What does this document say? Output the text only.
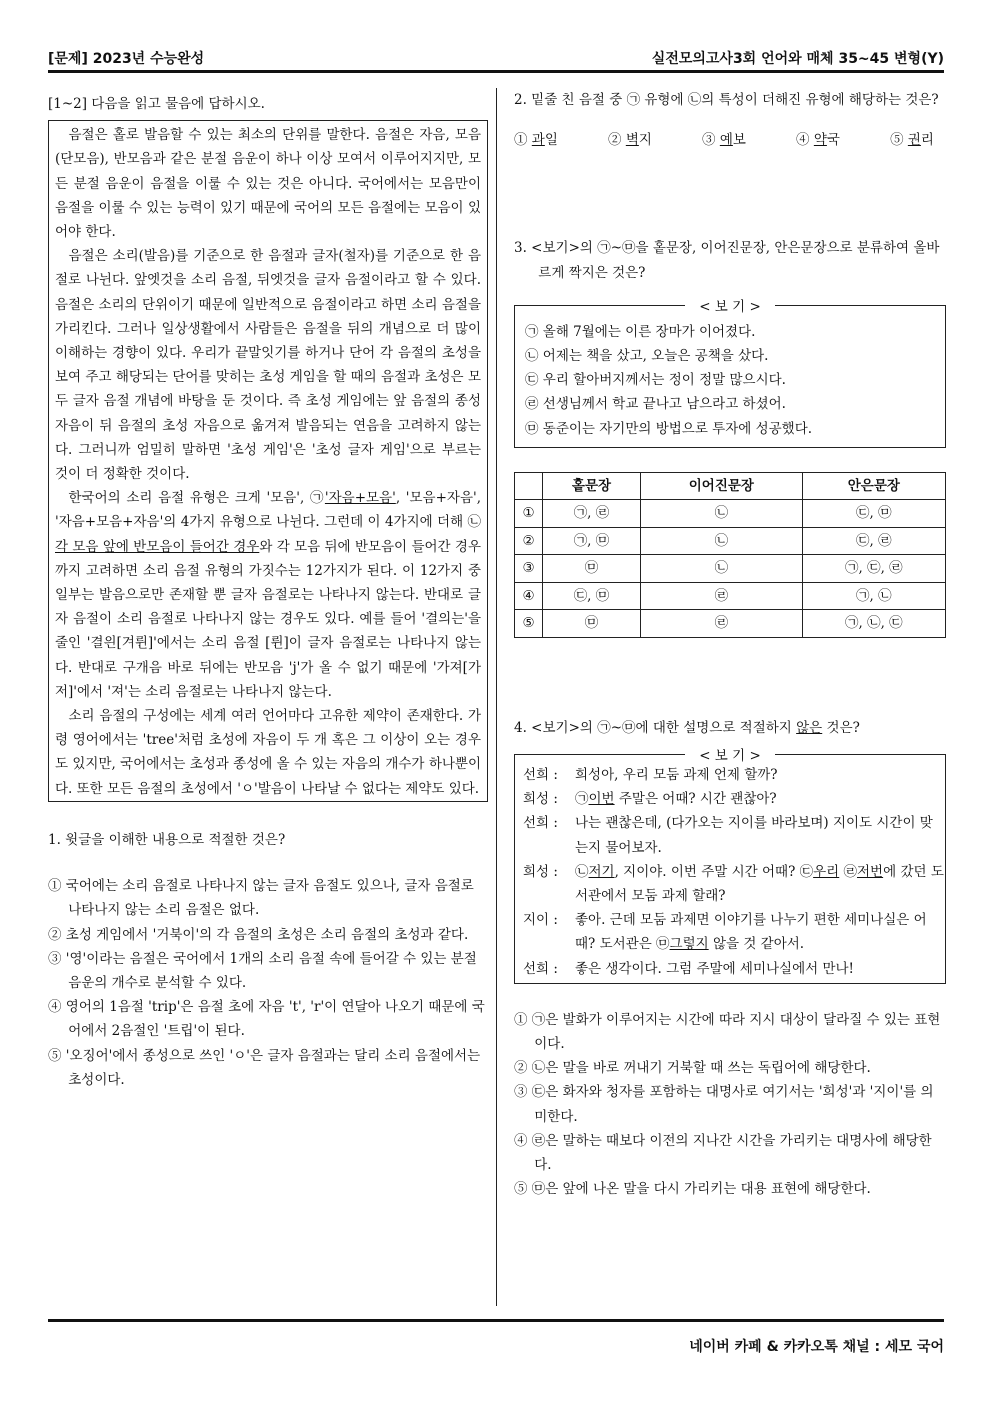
[문제] 2023년 수능완성	실전모의고사3회 언어와 매체 35~45 변형(Y)
[1~2] 다음을 읽고 물음에 답하시오.

음절은 홀로 발음할 수 있는 최소의 단위를 말한다. 음절은 자음, 모음(단모음), 반모음과 같은 분절 음운이 하나 이상 모여서 이루어지지만, 모든 분절 음운이 음절을 이룰 수 있는 것은 아니다. 국어에서는 모음만이 음절을 이룰 수 있는 능력이 있기 때문에 국어의 모든 음절에는 모음이 있어야 한다.

음절은 소리(발음)를 기준으로 한 음절과 글자(철자)를 기준으로 한 음절로 나뉜다. 앞엣것을 소리 음절, 뒤엣것을 글자 음절이라고 할 수 있다. 음절은 소리의 단위이기 때문에 일반적으로 음절이라고 하면 소리 음절을 가리킨다. 그러나 일상생활에서 사람들은 음절을 뒤의 개념으로 더 많이 이해하는 경향이 있다. 우리가 끝말잇기를 하거나 단어 각 음절의 초성을 보여 주고 해당되는 단어를 맞히는 초성 게임을 할 때의 음절과 초성은 모두 글자 음절 개념에 바탕을 둔 것이다. 즉 초성 게임에는 앞 음절의 종성 자음이 뒤 음절의 초성 자음으로 옮겨져 발음되는 연음을 고려하지 않는다. 그러니까 엄밀히 말하면 '초성 게임'은 '초성 글자 게임'으로 부르는 것이 더 정확한 것이다.

한국어의 소리 음절 유형은 크게 '모음', ㉠'자음+모음', '모음+자음', '자음+모음+자음'의 4가지 유형으로 나뉜다. 그런데 이 4가지에 더해 ㉡각 모음 앞에 반모음이 들어간 경우와 각 모음 뒤에 반모음이 들어간 경우까지 고려하면 소리 음절 유형의 가짓수는 12가지가 된다. 이 12가지 중 일부는 발음으로만 존재할 뿐 글자 음절로는 나타나지 않는다. 반대로 글자 음절이 소리 음절로 나타나지 않는 경우도 있다. 예를 들어 '결의는'을 줄인 '결읜[겨륀]'에서는 소리 음절 [륀]이 글자 음절로는 나타나지 않는다. 반대로 구개음 바로 뒤에는 반모음 'j'가 올 수 없기 때문에 '가져[가저]'에서 '져'는 소리 음절로는 나타나지 않는다.

소리 음절의 구성에는 세계 여러 언어마다 고유한 제약이 존재한다. 가령 영어에서는 'tree'처럼 초성에 자음이 두 개 혹은 그 이상이 오는 경우도 있지만, 국어에서는 초성과 종성에 올 수 있는 자음의 개수가 하나뿐이다. 또한 모든 음절의 초성에서 'ㅇ'발음이 나타날 수 없다는 제약도 있다.

1. 윗글을 이해한 내용으로 적절한 것은?
① 국어에는 소리 음절로 나타나지 않는 글자 음절도 있으나, 글자 음절로 나타나지 않는 소리 음절은 없다.
② 초성 게임에서 '거북이'의 각 음절의 초성은 소리 음절의 초성과 같다.
③ '영'이라는 음절은 국어에서 1개의 소리 음절 속에 들어갈 수 있는 분절 음운의 개수로 분석할 수 있다.
④ 영어의 1음절 'trip'은 음절 초에 자음 't', 'r'이 연달아 나오기 때문에 국어에서 2음절인 '트립'이 된다.
⑤ '오징어'에서 종성으로 쓰인 'ㅇ'은 글자 음절과는 달리 소리 음절에서는 초성이다.
2. 밑줄 친 음절 중 ㉠ 유형에 ㉡의 특성이 더해진 유형에 해당하는 것은?
① 과일	② 벽지	③ 예보	④ 약국	⑤ 권리
3. <보기>의 ㉠~㉤을 홑문장, 이어진문장, 안은문장으로 분류하여 올바르게 짝지은 것은?
< 보 기 >
㉠ 올해 7월에는 이른 장마가 이어졌다.
㉡ 어제는 책을 샀고, 오늘은 공책을 샀다.
㉢ 우리 할아버지께서는 정이 정말 많으시다.
㉣ 선생님께서 학교 끝나고 남으라고 하셨어.
㉤ 동준이는 자기만의 방법으로 투자에 성공했다.
	홑문장	이어진문장	안은문장
①	㉠, ㉣	㉡	㉢, ㉤
②	㉠, ㉤	㉡	㉢, ㉣
③	㉤	㉡	㉠, ㉢, ㉣
④	㉢, ㉤	㉣	㉠, ㉡
⑤	㉤	㉣	㉠, ㉡, ㉢
4. <보기>의 ㉠~㉤에 대한 설명으로 적절하지 않은 것은?
< 보 기 >
선희 :	희성아, 우리 모둠 과제 언제 할까?
희성 :	㉠이번 주말은 어때? 시간 괜찮아?
선희 :	나는 괜찮은데, (다가오는 지이를 바라보며) 지이도 시간이 맞는지 물어보자.
희성 :	㉡저기, 지이야. 이번 주말 시간 어때? ㉢우리 ㉣저번에 갔던 도서관에서 모둠 과제 할래?
지이 :	좋아. 근데 모둠 과제면 이야기를 나누기 편한 세미나실은 어때? 도서관은 ㉤그렇지 않을 것 같아서.
선희 :	좋은 생각이다. 그럼 주말에 세미나실에서 만나!
① ㉠은 발화가 이루어지는 시간에 따라 지시 대상이 달라질 수 있는 표현이다.
② ㉡은 말을 바로 꺼내기 거북할 때 쓰는 독립어에 해당한다.
③ ㉢은 화자와 청자를 포함하는 대명사로 여기서는 '희성'과 '지이'를 의미한다.
④ ㉣은 말하는 때보다 이전의 지나간 시간을 가리키는 대명사에 해당한다.
⑤ ㉤은 앞에 나온 말을 다시 가리키는 대용 표현에 해당한다.
네이버 카페 & 카카오톡 채널 : 세모 국어
